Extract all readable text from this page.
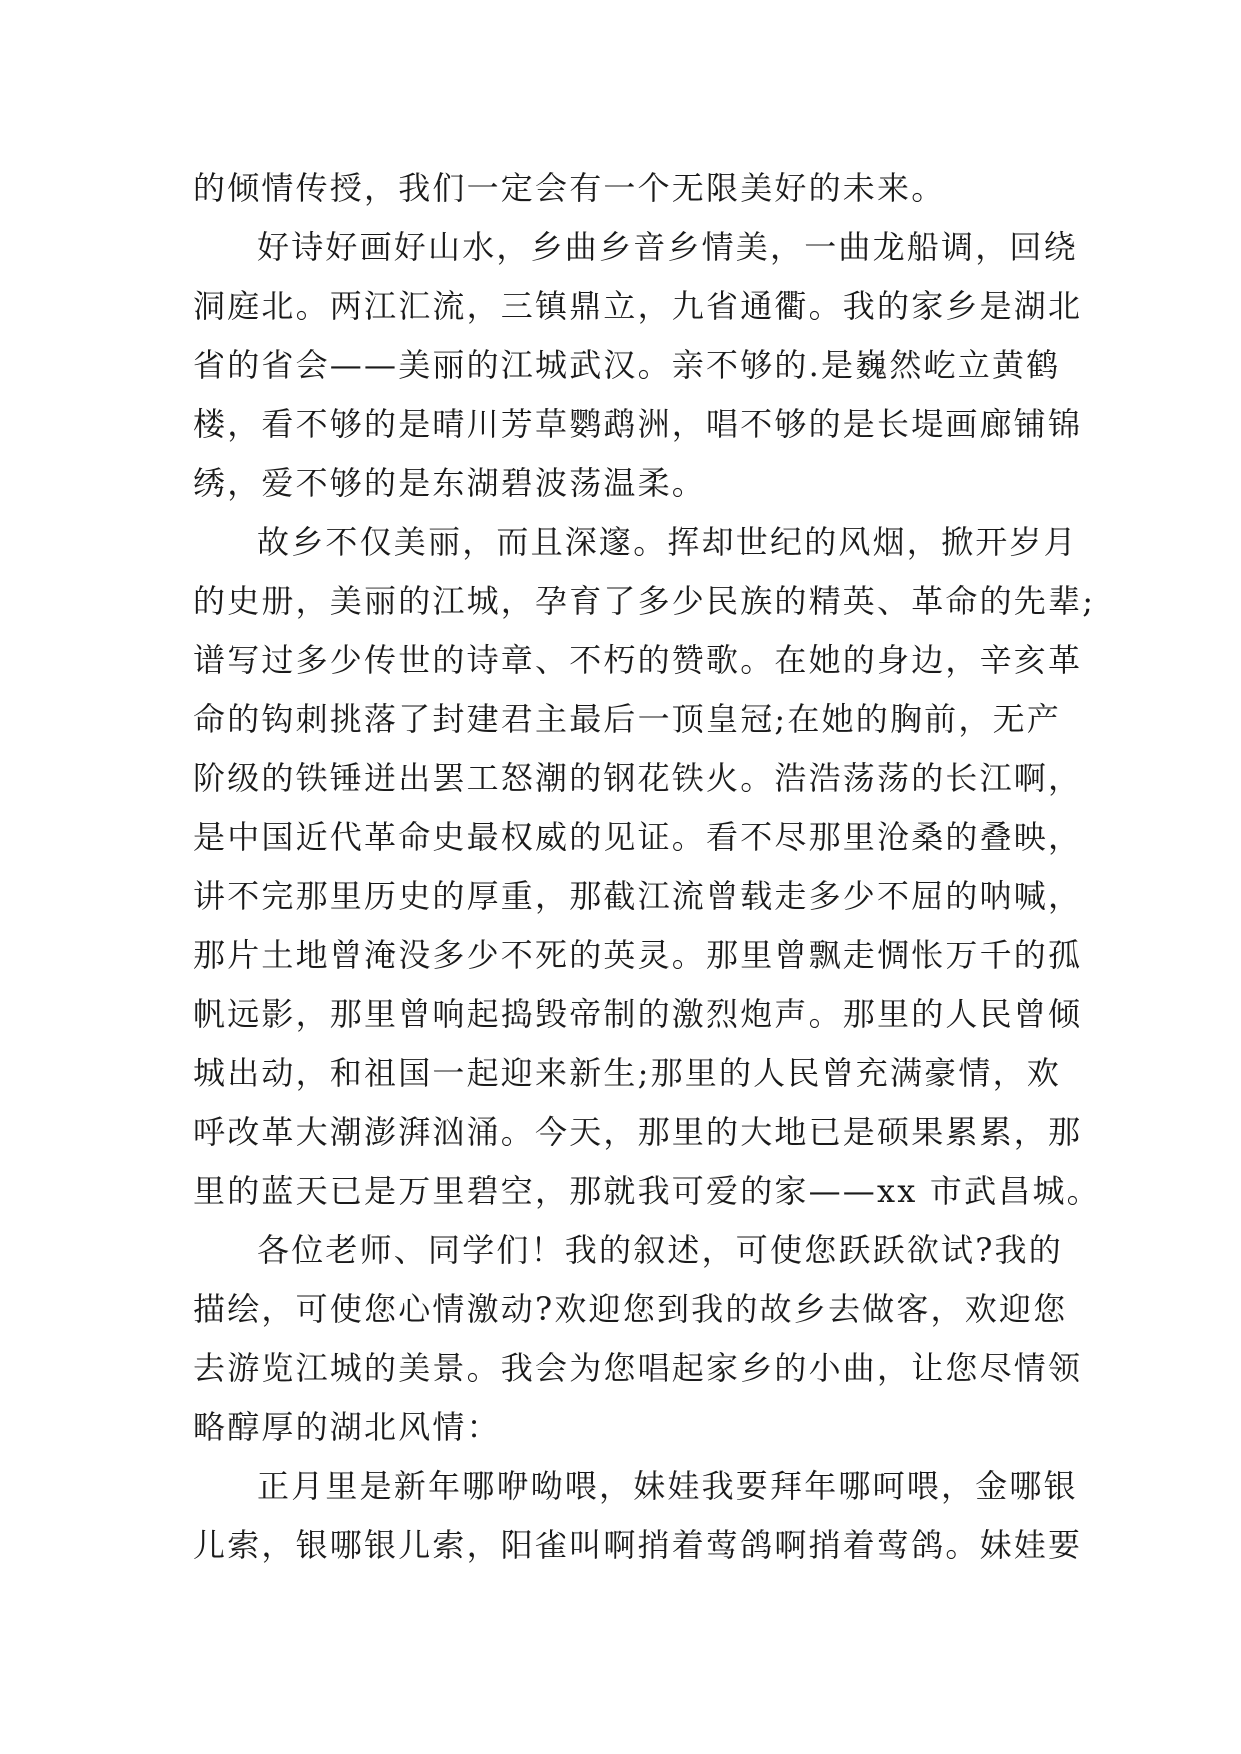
的倾情传授，我们一定会有一个无限美好的未来。
好诗好画好山水，乡曲乡音乡情美，一曲龙船调，回绕
洞庭北。两江汇流，三镇鼎立，九省通衢。我的家乡是湖北
省的省会——美丽的江城武汉。亲不够的.是巍然屹立黄鹤
楼，看不够的是晴川芳草鹦鹉洲，唱不够的是长堤画廊铺锦
绣，爱不够的是东湖碧波荡温柔。
故乡不仅美丽，而且深邃。挥却世纪的风烟，掀开岁月
的史册，美丽的江城，孕育了多少民族的精英、革命的先辈;
谱写过多少传世的诗章、不朽的赞歌。在她的身边，辛亥革
命的钩刺挑落了封建君主最后一顶皇冠;在她的胸前，无产
阶级的铁锤迸出罢工怒潮的钢花铁火。浩浩荡荡的长江啊，
是中国近代革命史最权威的见证。看不尽那里沧桑的叠映，
讲不完那里历史的厚重，那截江流曾载走多少不屈的呐喊，
那片土地曾淹没多少不死的英灵。那里曾飘走惆怅万千的孤
帆远影，那里曾响起捣毁帝制的激烈炮声。那里的人民曾倾
城出动，和祖国一起迎来新生;那里的人民曾充满豪情，欢
呼改革大潮澎湃汹涌。今天，那里的大地已是硕果累累，那
里的蓝天已是万里碧空，那就我可爱的家——xx 市武昌城。
各位老师、同学们！我的叙述，可使您跃跃欲试?我的
描绘，可使您心情激动?欢迎您到我的故乡去做客，欢迎您
去游览江城的美景。我会为您唱起家乡的小曲，让您尽情领
略醇厚的湖北风情：
正月里是新年哪咿呦喂，妹娃我要拜年哪呵喂，金哪银
儿索，银哪银儿索，阳雀叫啊捎着莺鸽啊捎着莺鸽。妹娃要
